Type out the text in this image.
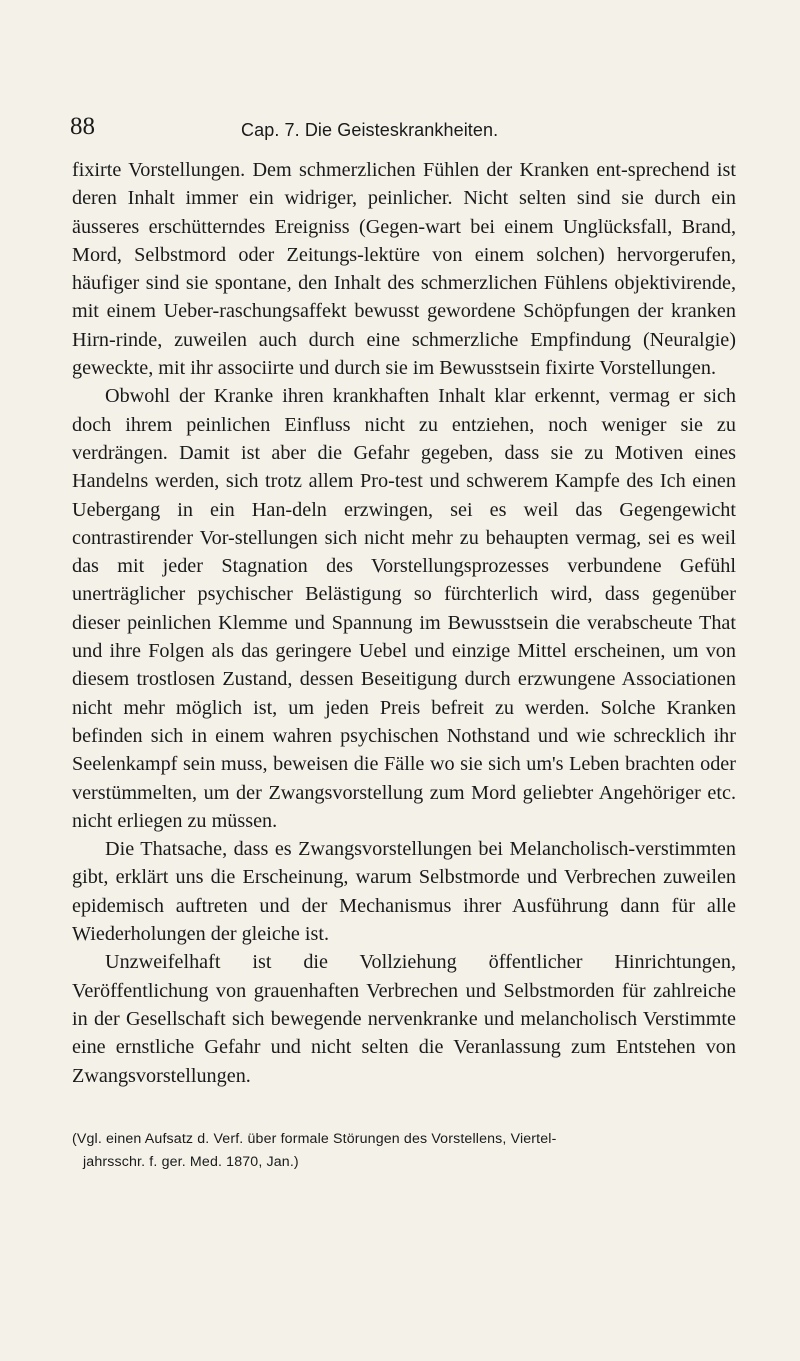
88	Cap. 7. Die Geisteskrankheiten.

fixirte Vorstellungen. Dem schmerzlichen Fühlen der Kranken ent-sprechend ist deren Inhalt immer ein widriger, peinlicher. Nicht selten sind sie durch ein äusseres erschütterndes Ereigniss (Gegen-wart bei einem Unglücksfall, Brand, Mord, Selbstmord oder Zeitungs-lektüre von einem solchen) hervorgerufen, häufiger sind sie spontane, den Inhalt des schmerzlichen Fühlens objektivirende, mit einem Ueber-raschungsaffekt bewusst gewordene Schöpfungen der kranken Hirn-rinde, zuweilen auch durch eine schmerzliche Empfindung (Neuralgie) geweckte, mit ihr associirte und durch sie im Bewusstsein fixirte Vorstellungen.

Obwohl der Kranke ihren krankhaften Inhalt klar erkennt, vermag er sich doch ihrem peinlichen Einfluss nicht zu entziehen, noch weniger sie zu verdrängen. Damit ist aber die Gefahr gegeben, dass sie zu Motiven eines Handelns werden, sich trotz allem Pro-test und schwerem Kampfe des Ich einen Uebergang in ein Han-deln erzwingen, sei es weil das Gegengewicht contrastirender Vor-stellungen sich nicht mehr zu behaupten vermag, sei es weil das mit jeder Stagnation des Vorstellungsprozesses verbundene Gefühl unerträglicher psychischer Belästigung so fürchterlich wird, dass gegenüber dieser peinlichen Klemme und Spannung im Bewusstsein die verabscheute That und ihre Folgen als das geringere Uebel und einzige Mittel erscheinen, um von diesem trostlosen Zustand, dessen Beseitigung durch erzwungene Associationen nicht mehr möglich ist, um jeden Preis befreit zu werden. Solche Kranken befinden sich in einem wahren psychischen Nothstand und wie schrecklich ihr Seelenkampf sein muss, beweisen die Fälle wo sie sich um's Leben brachten oder verstümmelten, um der Zwangsvorstellung zum Mord geliebter Angehöriger etc. nicht erliegen zu müssen.

Die Thatsache, dass es Zwangsvorstellungen bei Melancholisch-verstimmten gibt, erklärt uns die Erscheinung, warum Selbstmorde und Verbrechen zuweilen epidemisch auftreten und der Mechanismus ihrer Ausführung dann für alle Wiederholungen der gleiche ist.

Unzweifelhaft ist die Vollziehung öffentlicher Hinrichtungen, Veröffentlichung von grauenhaften Verbrechen und Selbstmorden für zahlreiche in der Gesellschaft sich bewegende nervenkranke und melancholisch Verstimmte eine ernstliche Gefahr und nicht selten die Veranlassung zum Entstehen von Zwangsvorstellungen.

(Vgl. einen Aufsatz d. Verf. über formale Störungen des Vorstellens, Viertel-
jahrsschr. f. ger. Med. 1870, Jan.)
